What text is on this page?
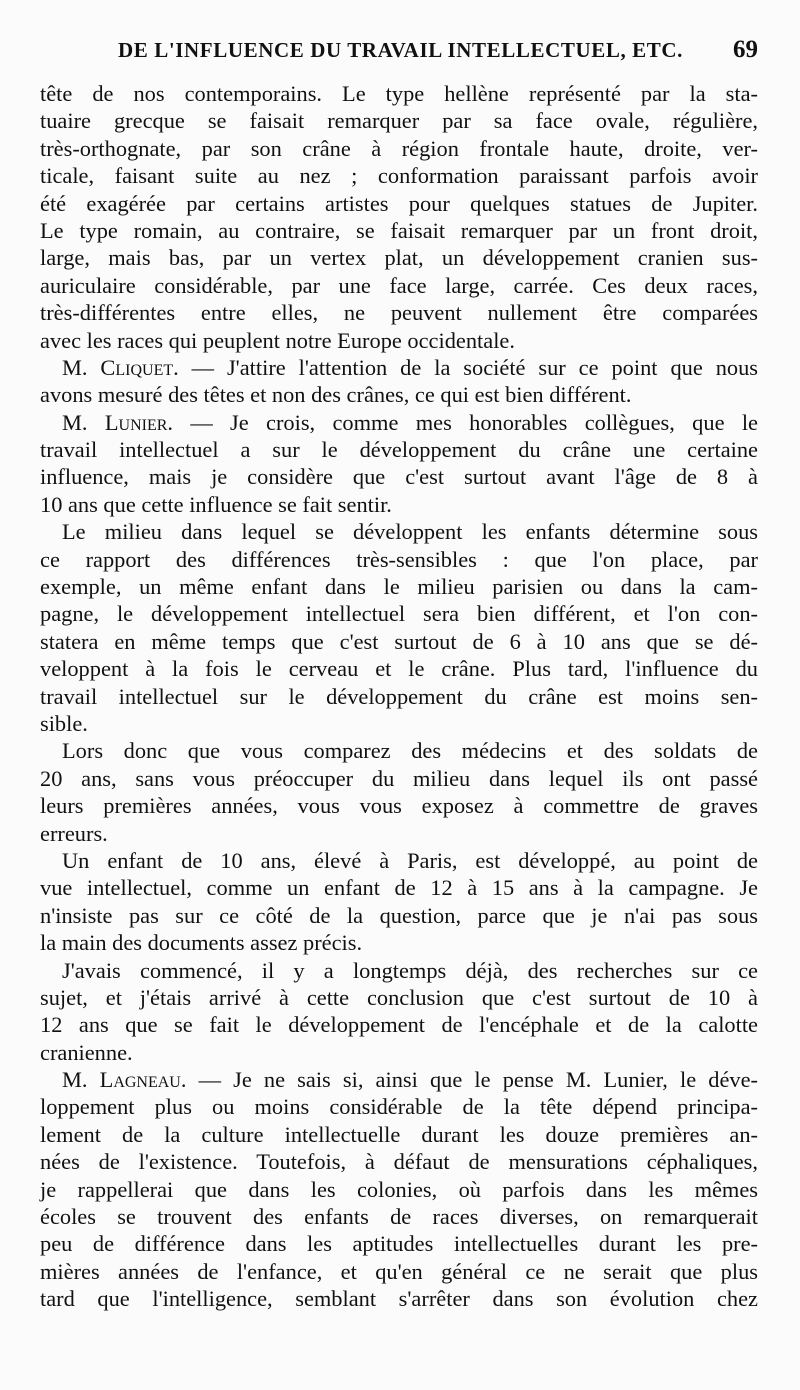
DE L'INFLUENCE DU TRAVAIL INTELLECTUEL, ETC. 69
tête de nos contemporains. Le type hellène représenté par la sta-
tuaire grecque se faisait remarquer par sa face ovale, régulière,
très-orthognate, par son crâne à région frontale haute, droite, ver-
ticale, faisant suite au nez ; conformation paraissant parfois avoir
été exagérée par certains artistes pour quelques statues de Jupiter.
Le type romain, au contraire, se faisait remarquer par un front droit,
large, mais bas, par un vertex plat, un développement cranien sus-
auriculaire considérable, par une face large, carrée. Ces deux races,
très-différentes entre elles, ne peuvent nullement être comparées
avec les races qui peuplent notre Europe occidentale.
M. Cliquet. — J'attire l'attention de la société sur ce point que nous
avons mesuré des têtes et non des crânes, ce qui est bien différent.
M. Lunier. — Je crois, comme mes honorables collègues, que le
travail intellectuel a sur le développement du crâne une certaine
influence, mais je considère que c'est surtout avant l'âge de 8 à
10 ans que cette influence se fait sentir.
Le milieu dans lequel se développent les enfants détermine sous
ce rapport des différences très-sensibles : que l'on place, par
exemple, un même enfant dans le milieu parisien ou dans la cam-
pagne, le développement intellectuel sera bien différent, et l'on con-
statera en même temps que c'est surtout de 6 à 10 ans que se dé-
veloppent à la fois le cerveau et le crâne. Plus tard, l'influence du
travail intellectuel sur le développement du crâne est moins sen-
sible.
Lors donc que vous comparez des médecins et des soldats de
20 ans, sans vous préoccuper du milieu dans lequel ils ont passé
leurs premières années, vous vous exposez à commettre de graves
erreurs.
Un enfant de 10 ans, élevé à Paris, est développé, au point de
vue intellectuel, comme un enfant de 12 à 15 ans à la campagne. Je
n'insiste pas sur ce côté de la question, parce que je n'ai pas sous
la main des documents assez précis.
J'avais commencé, il y a longtemps déjà, des recherches sur ce
sujet, et j'étais arrivé à cette conclusion que c'est surtout de 10 à
12 ans que se fait le développement de l'encéphale et de la calotte
cranienne.
M. Lagneau. — Je ne sais si, ainsi que le pense M. Lunier, le déve-
loppement plus ou moins considérable de la tête dépend principa-
lement de la culture intellectuelle durant les douze premières an-
nées de l'existence. Toutefois, à défaut de mensurations céphaliques,
je rappellerai que dans les colonies, où parfois dans les mêmes
écoles se trouvent des enfants de races diverses, on remarquerait
peu de différence dans les aptitudes intellectuelles durant les pre-
mières années de l'enfance, et qu'en général ce ne serait que plus
tard que l'intelligence, semblant s'arrêter dans son évolution chez
